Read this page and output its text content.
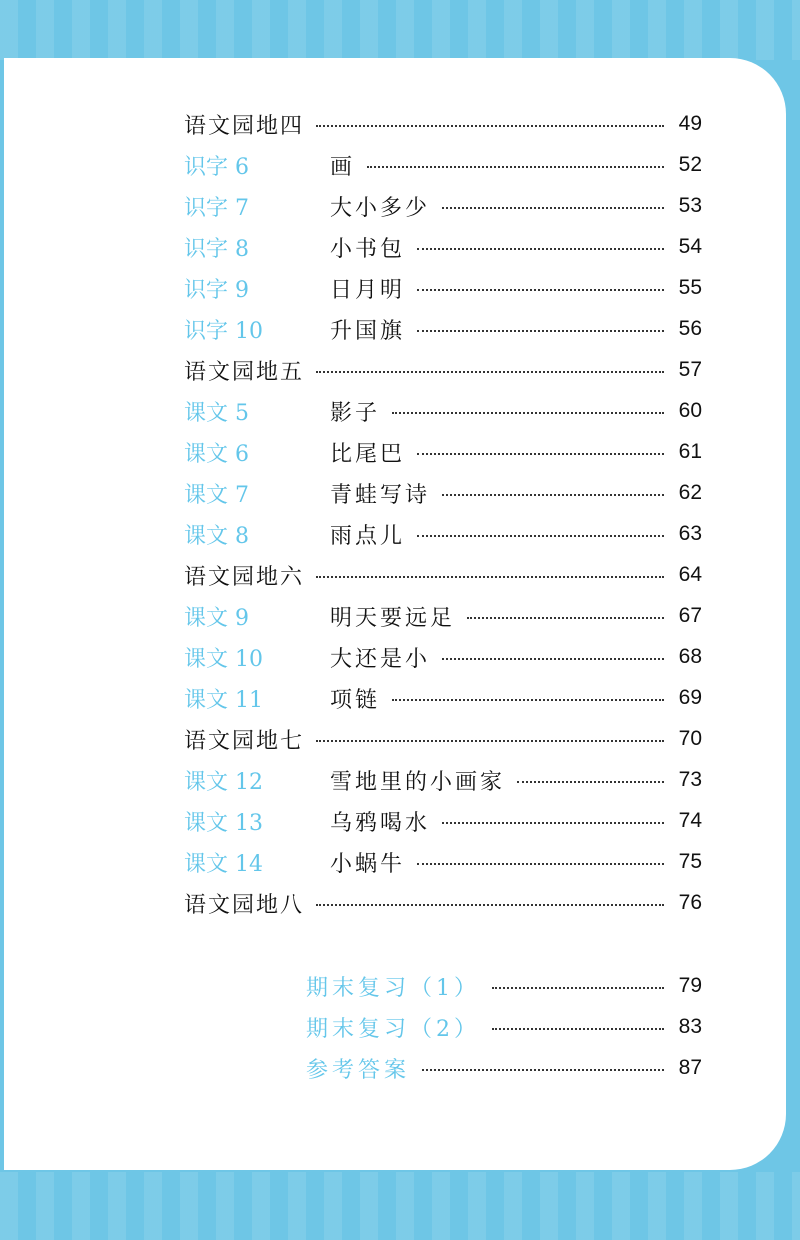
语文园地四	49
识字 6	画	52
识字 7	大小多少	53
识字 8	小书包	54
识字 9	日月明	55
识字 10	升国旗	56
语文园地五	57
课文 5	影子	60
课文 6	比尾巴	61
课文 7	青蛙写诗	62
课文 8	雨点儿	63
语文园地六	64
课文 9	明天要远足	67
课文 10	大还是小	68
课文 11	项链	69
语文园地七	70
课文 12	雪地里的小画家	73
课文 13	乌鸦喝水	74
课文 14	小蜗牛	75
语文园地八	76
期末复习（1）	79
期末复习（2）	83
参考答案	87
